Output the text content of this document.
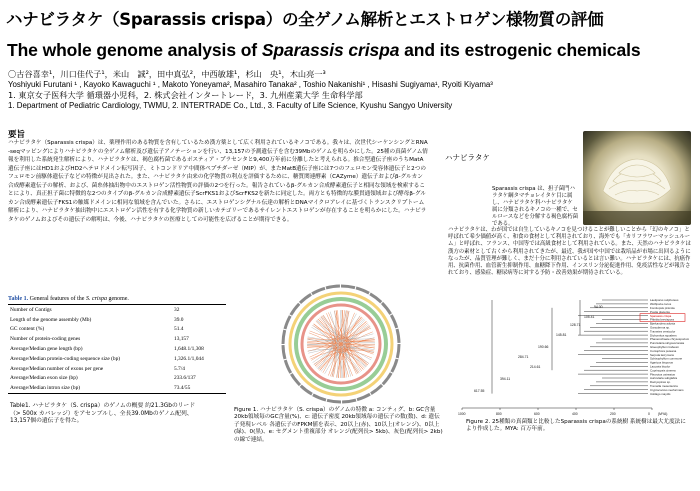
ハナビラタケ（Sparassis crispa）の全ゲノム解析とエストロゲン様物質の評価
The whole genome analysis of Sparassis crispa and its estrogenic chemicals
〇古谷喜幸¹，川口佳代子¹，米山　誠²，田中真弘²，中西敏雄¹，杉山　央¹，木山亮一³
Yoshiyuki Furutani ¹ , Kayoko Kawaguchi ¹ , Makoto Yoneyama², Masahiro Tanaka² , Toshio Nakanishi¹ , Hisashi Sugiyama¹, Ryoiti Kiyama³
1. 東京女子医科大学 循環器小児科，2. 株式会社インタートレード，3. 九州産業大学 生命科学部
1. Department of Pediatric Cardiology, TWMU, 2. INTERTRADE Co., Ltd., 3. Faculty of Life Science, Kyushu Sangyo University
要旨
ハナビラタケ（Sparassis crispa）は、薬理作用のある物質を含有しているため漢方薬として広く利用されているキノコである。我々は、次世代シーケンシングとRNA-seqマッピングによりハナビラタケの全ゲノム解析及び遺伝子アノテーションを行い、13,157の予測遺伝子を含む39Mbのゲノムを明らかにした。25種の真菌ゲノム情報を利用した系統発生解析により、ハナビラタケは、褐色腐朽菌であるポスティア・プラセンタと9,400万年前に分離したと考えられる。推合型遺伝子座のうちMatA遺伝子座にはHD1およびHD2ヘテロドメイン転写因子、ミトコンドリア中間体ペプチダーゼ（MIP）が、またMatB遺伝子座には7つのフェロモン受容体遺伝子と2つのフェロモン前駆体遺伝子などの特徴が見出された。また、ハナビラタケ由来の化学物質の利点を評価するために、糖質関連酵素（CAZyme）遺伝子およびβ-グルカン合成酵素遺伝子の解析、および、菌糸体抽出物中のエストロゲン活性物質の評価の2つを行った。報告されているβ-グルカン合成酵素遺伝子と相同な領域を検索することにより、真正担子菌に特徴的な2つのタイプのβ-グルカン合成酵素遺伝子ScrFKS1およびScrFKS2を新たに同定した。両方とも特徴的な膜貫通領域および酵母β-グルカン合成酵素遺伝子FKS1の触媒ドメインに相同な領域を含んでいた。さらに、エストロゲンシグナル伝達の解析とDNAマイクロアレイに基づくトランスクリプトーム解析により、ハナビラタケ抽出物中にエストロゲン活性を有する化学物質の新しいカテゴリーであるサイレントエストロゲンが存在することを明らかにした。ハナビラタケのゲノムおよびその遺伝子の解明は、今後、ハナビラタケの医療としての可能性を広げることが期待できる。
ハナビラタケ
Sparassis crispa は、担子菌門ハラタケ綱タマチョレイタケ目に属し、ハナビラタケ科ハナビラタケ属に分類されるキノコの一種で、セルロースなどを分解する褐色腐朽菌である。
ハナビラタケは、わが国では自生しているキノコを見つけることが難しいことから「幻のキノコ」と呼ばれて希少価値が高く、和食の食材として利用されており、海外でも「カリフラワーマッシュルーム」と呼ばれ、フランス、中国等では高級食材として利用されている。また、天然のハナビラタケは漢方の素材として古くから利用されてきたが、最近、我が国や中国では栽培品が市場に出回るようになったが、品質管理が難しく、まだ十分に利用されているとは言い難い。ハナビラタケには、抗癌作用、抗菌作用、血管新生抑制作用、血糖降下作用、インスリン分泌促進作用、免疫活性などが報告されており、感染症、糖尿病等に対する予防・改善効果が期待されている。
Table 1. General features of the S. crispa genome.
Number of Contigs	32
Length of the genome assembly (Mb)	39.0
GC content (%)	51.4
Number of protein-coding genes	13,157
Average/Median gene length (bp)	1,648.1/1,308
Average/Median protein-coding sequence size (bp)	1,326.1/1,044
Average/Median number of exons per gene	5.7/4
Average/Median exon size (bp)	233.6/137
Average/Median intron size (bp)	73.4/55
Table1. ハナビラタケ（S. crispa）のゲノムの概要 約21.3Gbのリード（> 500x カバレッジ）をアセンブルし、全長39.0Mbのゲノム配列、13,157個の遺伝子を得た。
Figure 1. ハナビラタケ（S. crispa）のゲノムの特徴 a: コンティグ、b: GC含量 20kb領域毎のGC含量(%)、c: 遺伝子密度 20kb領域毎の遺伝子の数(数)、d: 遺伝子発現レベル 各遺伝子のFPKM値を表示、20以上(赤)、10以上(オレンジ)、0以上(緑)、0(黒)、e: セグメント重複部分 オレンジ(配列長> 5kb)、灰色(配列長> 2kb)の線で連結。
Laetiporus sulphureus
Wolfiporia cocos
Fomitopsis pinicola
Postia placenta
Sparassis crispa
Phlebia brevispora
Bjerkandera adusta
Ganoderma sp.
Trametes versicolor
Dichomitus squalens
Phanerochaete chrysosporium
Punctularia strigosozonata
Gloeophyllum trabeum
Coniophora puteana
Serpula lacrymans
Schizophyllum commune
Agaricus bisporus
Laccaria bicolor
Coprinopsis cinerea
Pleurotus ostreatus
Auricularia subglabra
Dacryopinax sp.
Tremella mesenterica
Cryptococcus neoformans
Ustilago maydis
94.00
105.41
128.71
145.81
190.66
284.71
214.61
394.11
617.55
1000	800	600	400	200	0 (MYA)
Figure 2. 25種類の真菌類と比較したSparassis crispaの系統樹 系統樹は最大尤度法により作成した。MYA: 百万年前。
